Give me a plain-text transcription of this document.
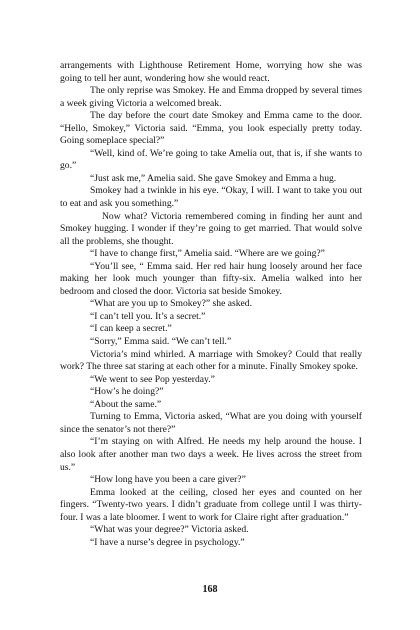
arrangements with Lighthouse Retirement Home, worrying how she was going to tell her aunt, wondering how she would react.

The only reprise was Smokey. He and Emma dropped by several times a week giving Victoria a welcomed break.

The day before the court date Smokey and Emma came to the door. “Hello, Smokey,” Victoria said. “Emma, you look especially pretty today. Going someplace special?”

“Well, kind of. We’re going to take Amelia out, that is, if she wants to go.”

“Just ask me,” Amelia said. She gave Smokey and Emma a hug.

Smokey had a twinkle in his eye. “Okay, I will. I want to take you out to eat and ask you something.”

Now what? Victoria remembered coming in finding her aunt and Smokey hugging. I wonder if they’re going to get married. That would solve all the problems, she thought.

“I have to change first,” Amelia said. “Where are we going?”

“You’ll see, “ Emma said. Her red hair hung loosely around her face making her look much younger than fifty-six. Amelia walked into her bedroom and closed the door. Victoria sat beside Smokey.

“What are you up to Smokey?” she asked.

“I can’t tell you. It’s a secret.”

“I can keep a secret.”

“Sorry,” Emma said. “We can’t tell.”

Victoria’s mind whirled. A marriage with Smokey? Could that really work? The three sat staring at each other for a minute. Finally Smokey spoke.

“We went to see Pop yesterday.”

“How’s he doing?”

“About the same.”

Turning to Emma, Victoria asked, “What are you doing with yourself since the senator’s not there?”

“I’m staying on with Alfred. He needs my help around the house. I also look after another man two days a week. He lives across the street from us.”

“How long have you been a care giver?”

Emma looked at the ceiling, closed her eyes and counted on her fingers. “Twenty-two years. I didn’t graduate from college until I was thirty-four. I was a late bloomer. I went to work for Claire right after graduation.”

“What was your degree?” Victoria asked.

“I have a nurse’s degree in psychology.”

168
